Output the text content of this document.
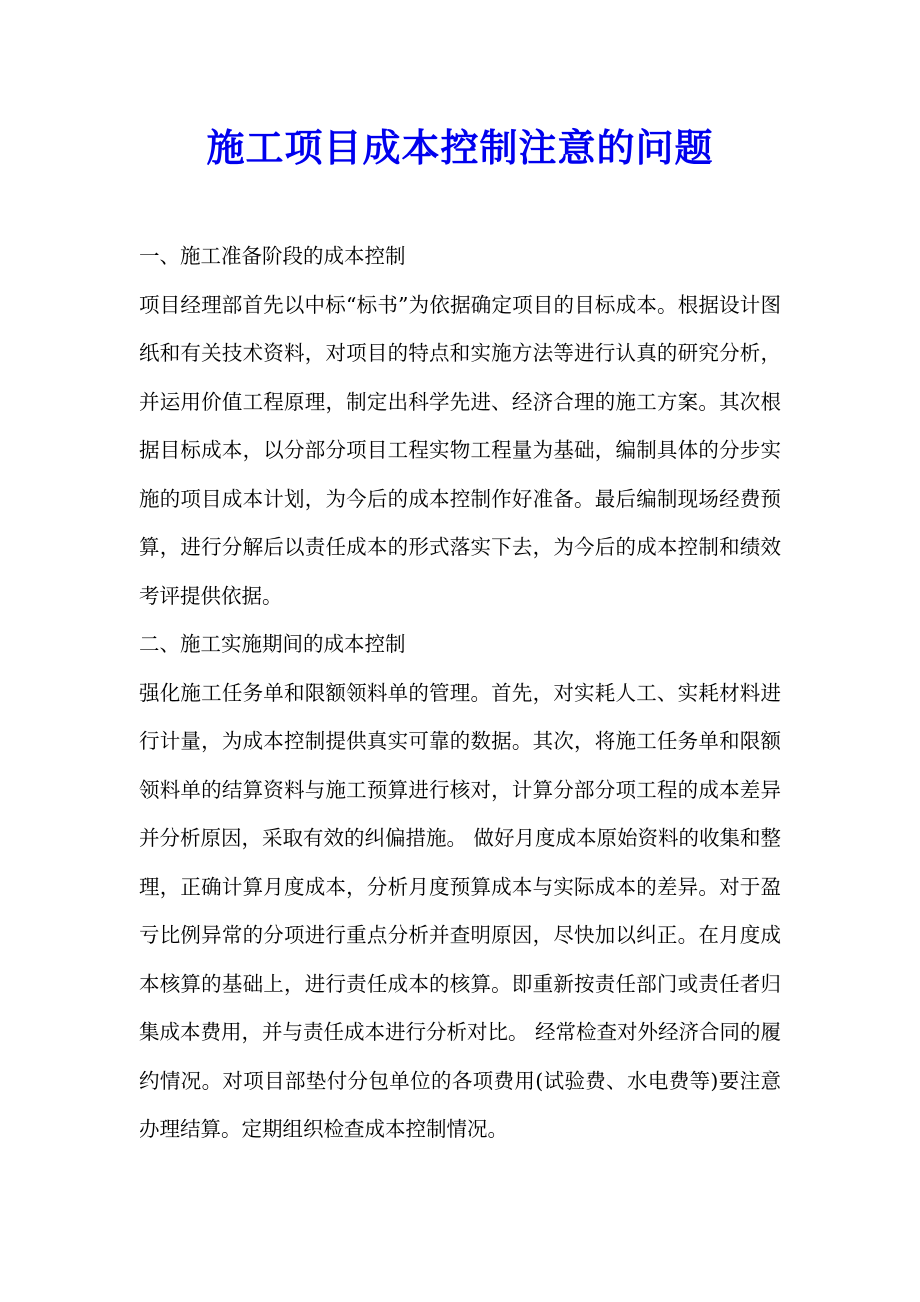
施工项目成本控制注意的问题

一、施工准备阶段的成本控制

项目经理部首先以中标“标书”为依据确定项目的目标成本。根据设计图纸和有关技术资料，对项目的特点和实施方法等进行认真的研究分析，并运用价值工程原理，制定出科学先进、经济合理的施工方案。其次根据目标成本，以分部分项目工程实物工程量为基础，编制具体的分步实施的项目成本计划，为今后的成本控制作好准备。最后编制现场经费预算，进行分解后以责任成本的形式落实下去，为今后的成本控制和绩效考评提供依据。

二、施工实施期间的成本控制

强化施工任务单和限额领料单的管理。首先，对实耗人工、实耗材料进行计量，为成本控制提供真实可靠的数据。其次，将施工任务单和限额领料单的结算资料与施工预算进行核对，计算分部分项工程的成本差异并分析原因，采取有效的纠偏措施。 做好月度成本原始资料的收集和整理，正确计算月度成本，分析月度预算成本与实际成本的差异。对于盈亏比例异常的分项进行重点分析并查明原因，尽快加以纠正。在月度成本核算的基础上，进行责任成本的核算。即重新按责任部门或责任者归集成本费用，并与责任成本进行分析对比。 经常检查对外经济合同的履约情况。对项目部垫付分包单位的各项费用(试验费、水电费等)要注意办理结算。定期组织检查成本控制情况。
